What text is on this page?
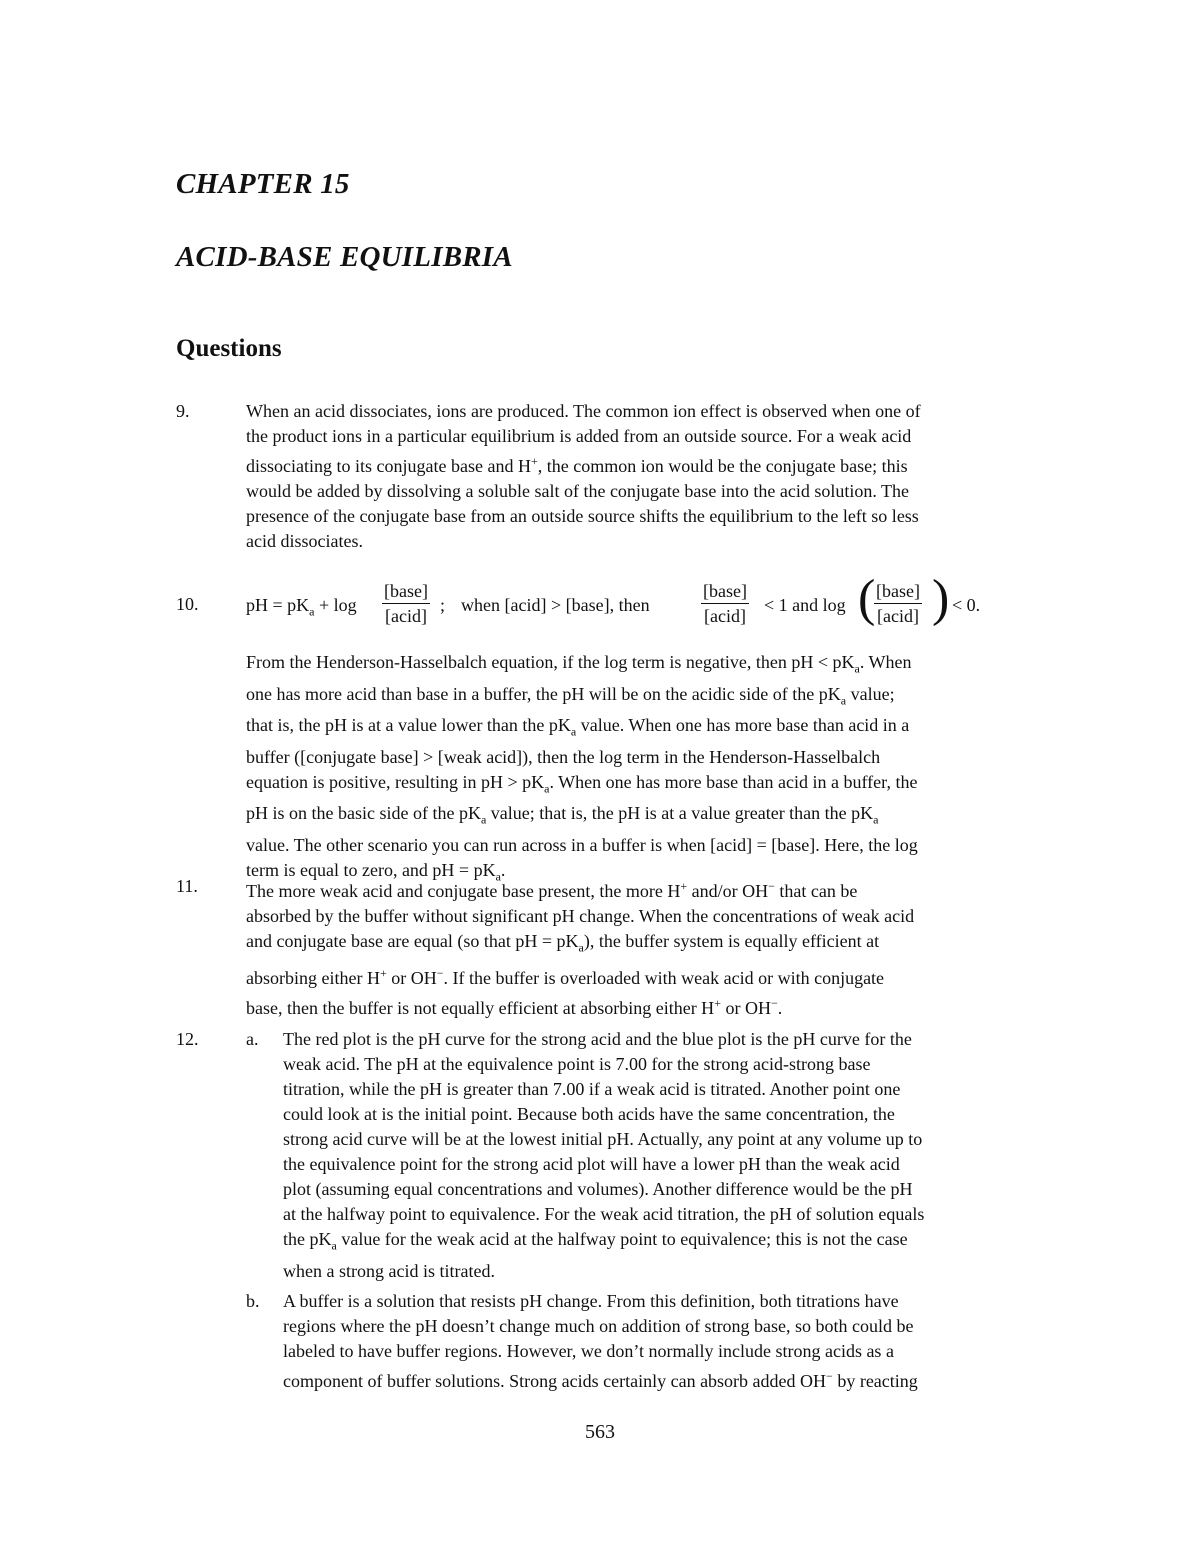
CHAPTER 15
ACID-BASE EQUILIBRIA
Questions
9.	When an acid dissociates, ions are produced. The common ion effect is observed when one of

the product ions in a particular equilibrium is added from an outside source. For a weak acid

dissociating to its conjugate base and H+, the common ion would be the conjugate base; this

would be added by dissolving a soluble salt of the conjugate base into the acid solution. The

presence of the conjugate base from an outside source shifts the equilibrium to the left so less

acid dissociates.

10.	pH = $pK_a + \log$
[base]
[acid]
; when [acid] > [base], then
[base]
[acid]
< 1 and log ( [base]
[acid] ) < 0.

From the Henderson-Hasselbalch equation, if the log term is negative, then pH < $pK_a$. When

one has more acid than base in a buffer, the pH will be on the acidic side of the $pK_a$ value;

that is, the pH is at a value lower than the $pK_a$ value. When one has more base than acid in a

buffer ([conjugate base] > [weak acid]), then the log term in the Henderson-Hasselbalch

equation is positive, resulting in pH > $pK_a$. When one has more base than acid in a buffer, the

pH is on the basic side of the $pK_a$ value; that is, the pH is at a value greater than the $pK_a$

value. The other scenario you can run across in a buffer is when [acid] = [base]. Here, the log

term is equal to zero, and pH = $pK_a$.

11.	The more weak acid and conjugate base present, the more H+ and/or OH− that can be

absorbed by the buffer without significant pH change. When the concentrations of weak acid

and conjugate base are equal (so that pH = $pK_a$), the buffer system is equally efficient at

absorbing either H+ or OH−. If the buffer is overloaded with weak acid or with conjugate

base, then the buffer is not equally efficient at absorbing either H+ or OH−.

12.	a. The red plot is the pH curve for the strong acid and the blue plot is the pH curve for the

weak acid. The pH at the equivalence point is 7.00 for the strong acid-strong base

titration, while the pH is greater than 7.00 if a weak acid is titrated. Another point one

could look at is the initial point. Because both acids have the same concentration, the

strong acid curve will be at the lowest initial pH. Actually, any point at any volume up to

the equivalence point for the strong acid plot will have a lower pH than the weak acid

plot (assuming equal concentrations and volumes). Another difference would be the pH

at the halfway point to equivalence. For the weak acid titration, the pH of solution equals

the $pK_a$ value for the weak acid at the halfway point to equivalence; this is not the case

when a strong acid is titrated.

b. A buffer is a solution that resists pH change. From this definition, both titrations have

regions where the pH doesn’t change much on addition of strong base, so both could be

labeled to have buffer regions. However, we don’t normally include strong acids as a

component of buffer solutions. Strong acids certainly can absorb added OH− by reacting

563
